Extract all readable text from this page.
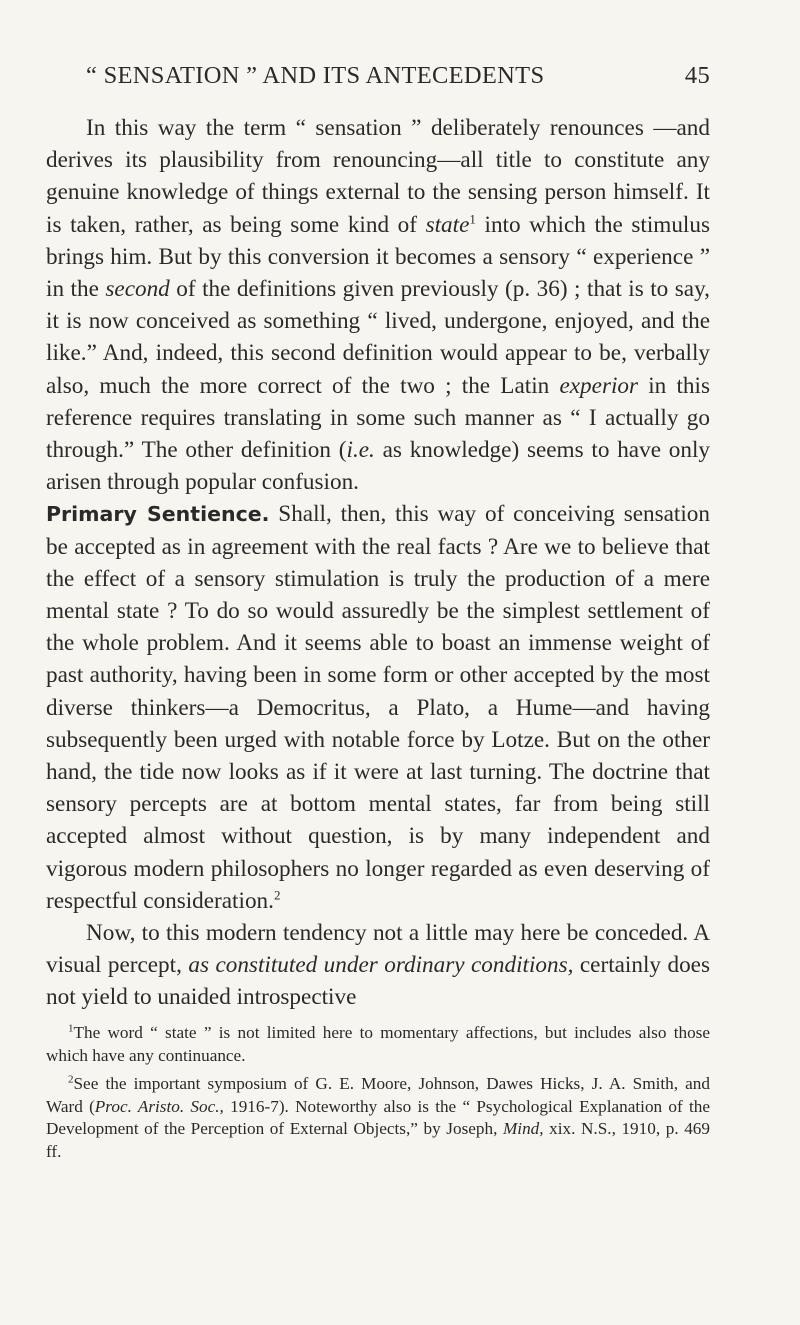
“ SENSATION ” AND ITS ANTECEDENTS	45

In this way the term “ sensation ” deliberately renounces —and derives its plausibility from renouncing—all title to constitute any genuine knowledge of things external to the sensing person himself. It is taken, rather, as being some kind of state$^1$ into which the stimulus brings him. But by this conversion it becomes a sensory “ experience ” in the second of the definitions given previously (p. 36) ; that is to say, it is now conceived as something “ lived, undergone, enjoyed, and the like.” And, indeed, this second definition would appear to be, verbally also, much the more correct of the two ; the Latin experior in this reference requires translating in some such manner as “ I actually go through.” The other definition (i.e. as knowledge) seems to have only arisen through popular confusion.

Primary Sentience. Shall, then, this way of conceiving sensation be accepted as in agreement with the real facts ? Are we to believe that the effect of a sensory stimulation is truly the production of a mere mental state ? To do so would assuredly be the simplest settlement of the whole problem. And it seems able to boast an immense weight of past authority, having been in some form or other accepted by the most diverse thinkers—a Democritus, a Plato, a Hume—and having subsequently been urged with notable force by Lotze. But on the other hand, the tide now looks as if it were at last turning. The doctrine that sensory percepts are at bottom mental states, far from being still accepted almost without question, is by many independent and vigorous modern philosophers no longer regarded as even deserving of respectful consideration.$^2$

Now, to this modern tendency not a little may here be conceded. A visual percept, as constituted under ordinary conditions, certainly does not yield to unaided introspective

$^1$The word “ state ” is not limited here to momentary affections, but includes also those which have any continuance.

$^2$See the important symposium of G. E. Moore, Johnson, Dawes Hicks, J. A. Smith, and Ward (Proc. Aristo. Soc., 1916-7). Noteworthy also is the “ Psychological Explanation of the Development of the Perception of External Objects,” by Joseph, Mind, xix. N.S., 1910, p. 469 ff.
